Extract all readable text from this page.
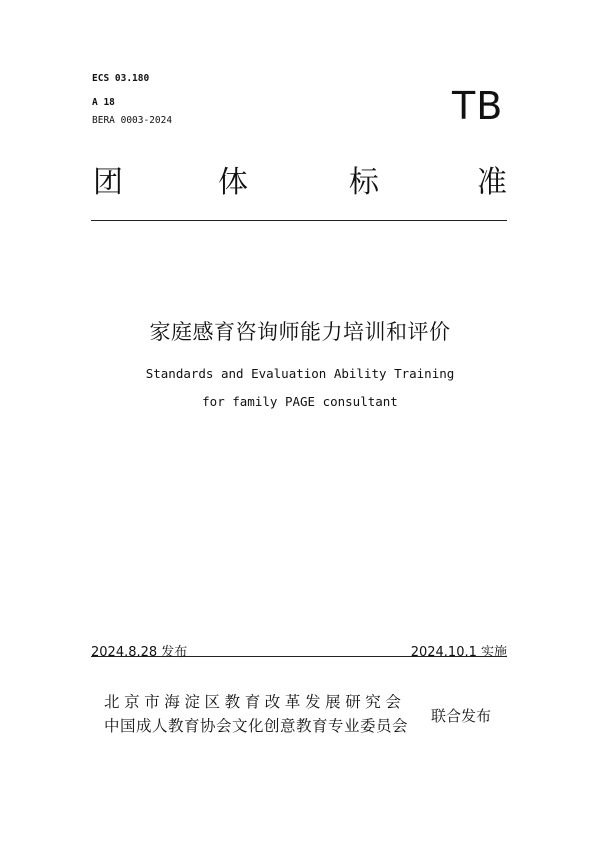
ECS 03.180
A 18
BERA 0003-2024	TB
团	体	标	准
家庭感育咨询师能力培训和评价
Standards and Evaluation Ability Training
for family PAGE consultant
2024.8.28 发布	2024.10.1 实施
北京市海淀区教育改革发展研究会
中国成人教育协会文化创意教育专业委员会
联合发布
